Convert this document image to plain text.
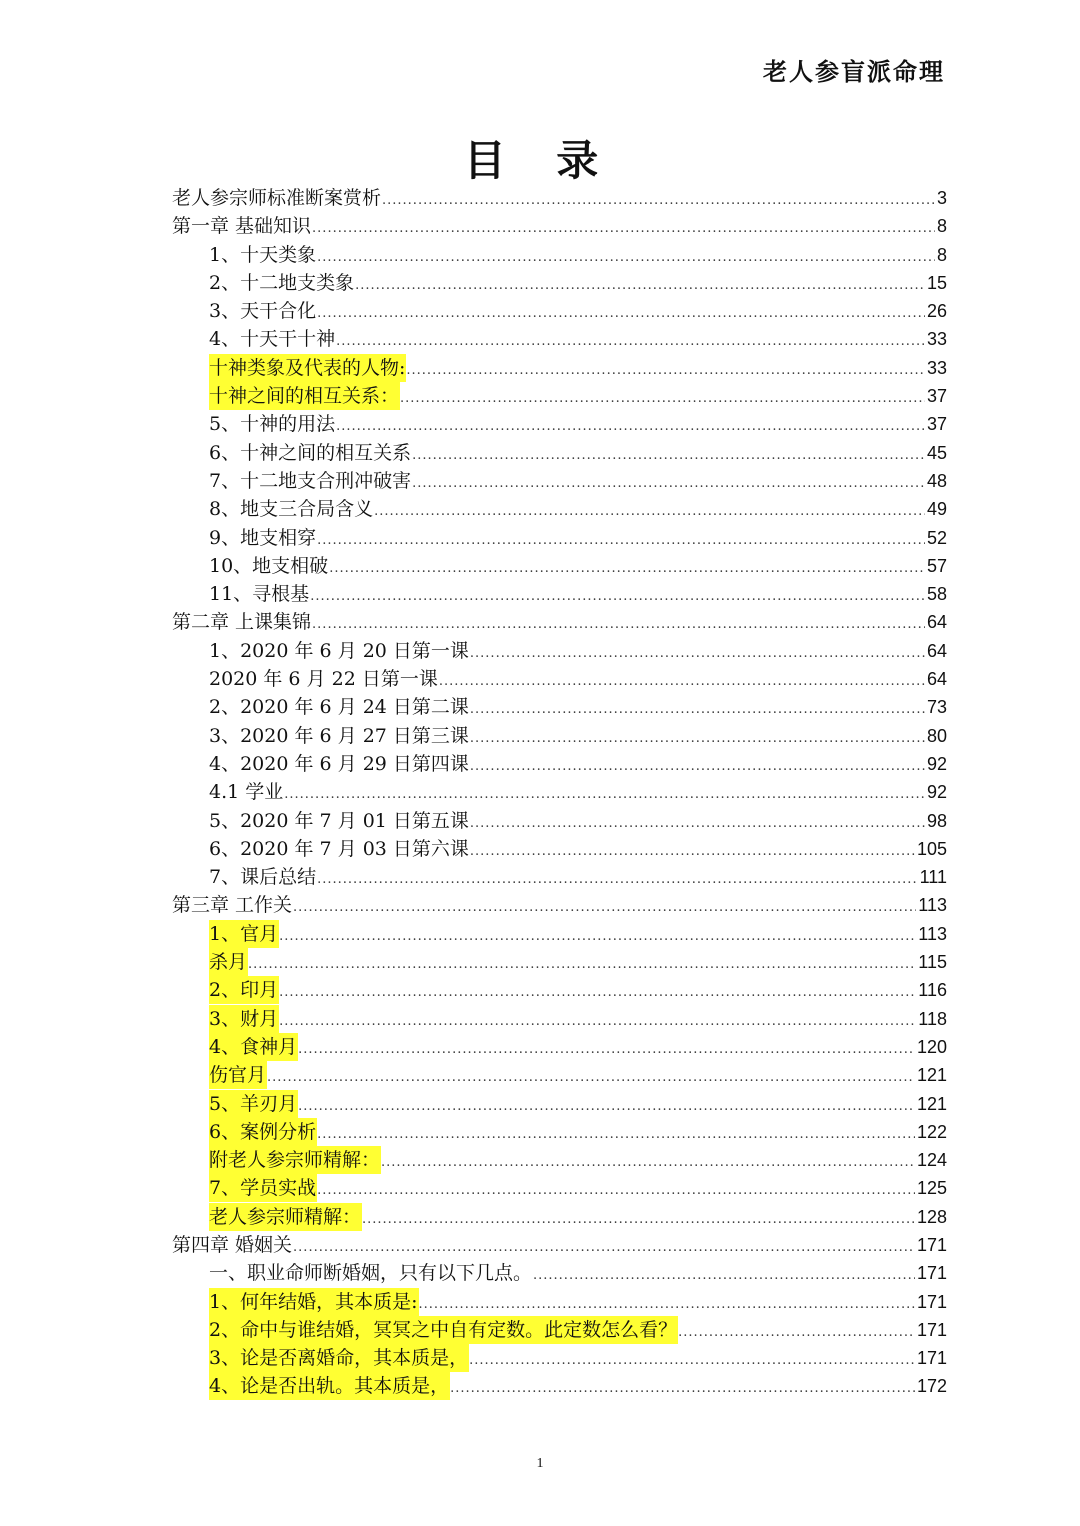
老人参盲派命理
目 录
老人参宗师标准断案赏析 .....	3
第一章 基础知识 .....	8
1、十天类象 .....	8
2、十二地支类象 .....	15
3、天干合化 .....	26
4、十天干十神 .....	33
十神类象及代表的人物: .....	33
十神之间的相互关系： .....	37
5、十神的用法 .....	37
6、十神之间的相互关系 .....	45
7、十二地支合刑冲破害 .....	48
8、地支三合局含义 .....	49
9、地支相穿 .....	52
10、地支相破 .....	57
11、寻根基 .....	58
第二章 上课集锦 .....	64
1、2020 年 6 月 20 日第一课 .....	64
2020 年 6 月 22 日第一课 .....	64
2、2020 年 6 月 24 日第二课 .....	73
3、2020 年 6 月 27 日第三课 .....	80
4、2020 年 6 月 29 日第四课 .....	92
4.1 学业 .....	92
5、2020 年 7 月 01 日第五课 .....	98
6、2020 年 7 月 03 日第六课 .....	105
7、课后总结 .....	111
第三章 工作关 .....	113
1、官月 .....	113
杀月 .....	115
2、印月 .....	116
3、财月 .....	118
4、食神月 .....	120
伤官月 .....	121
5、羊刃月 .....	121
6、案例分析 .....	122
附老人参宗师精解： .....	124
7、学员实战 .....	125
老人参宗师精解： .....	128
第四章 婚姻关 .....	171
一、职业命师断婚姻，只有以下几点。 .....	171
1、何年结婚，其本质是: .....	171
2、命中与谁结婚，冥冥之中自有定数。此定数怎么看？ .....	171
3、论是否离婚命，其本质是， .....	171
4、论是否出轨。其本质是， .....	172
1
